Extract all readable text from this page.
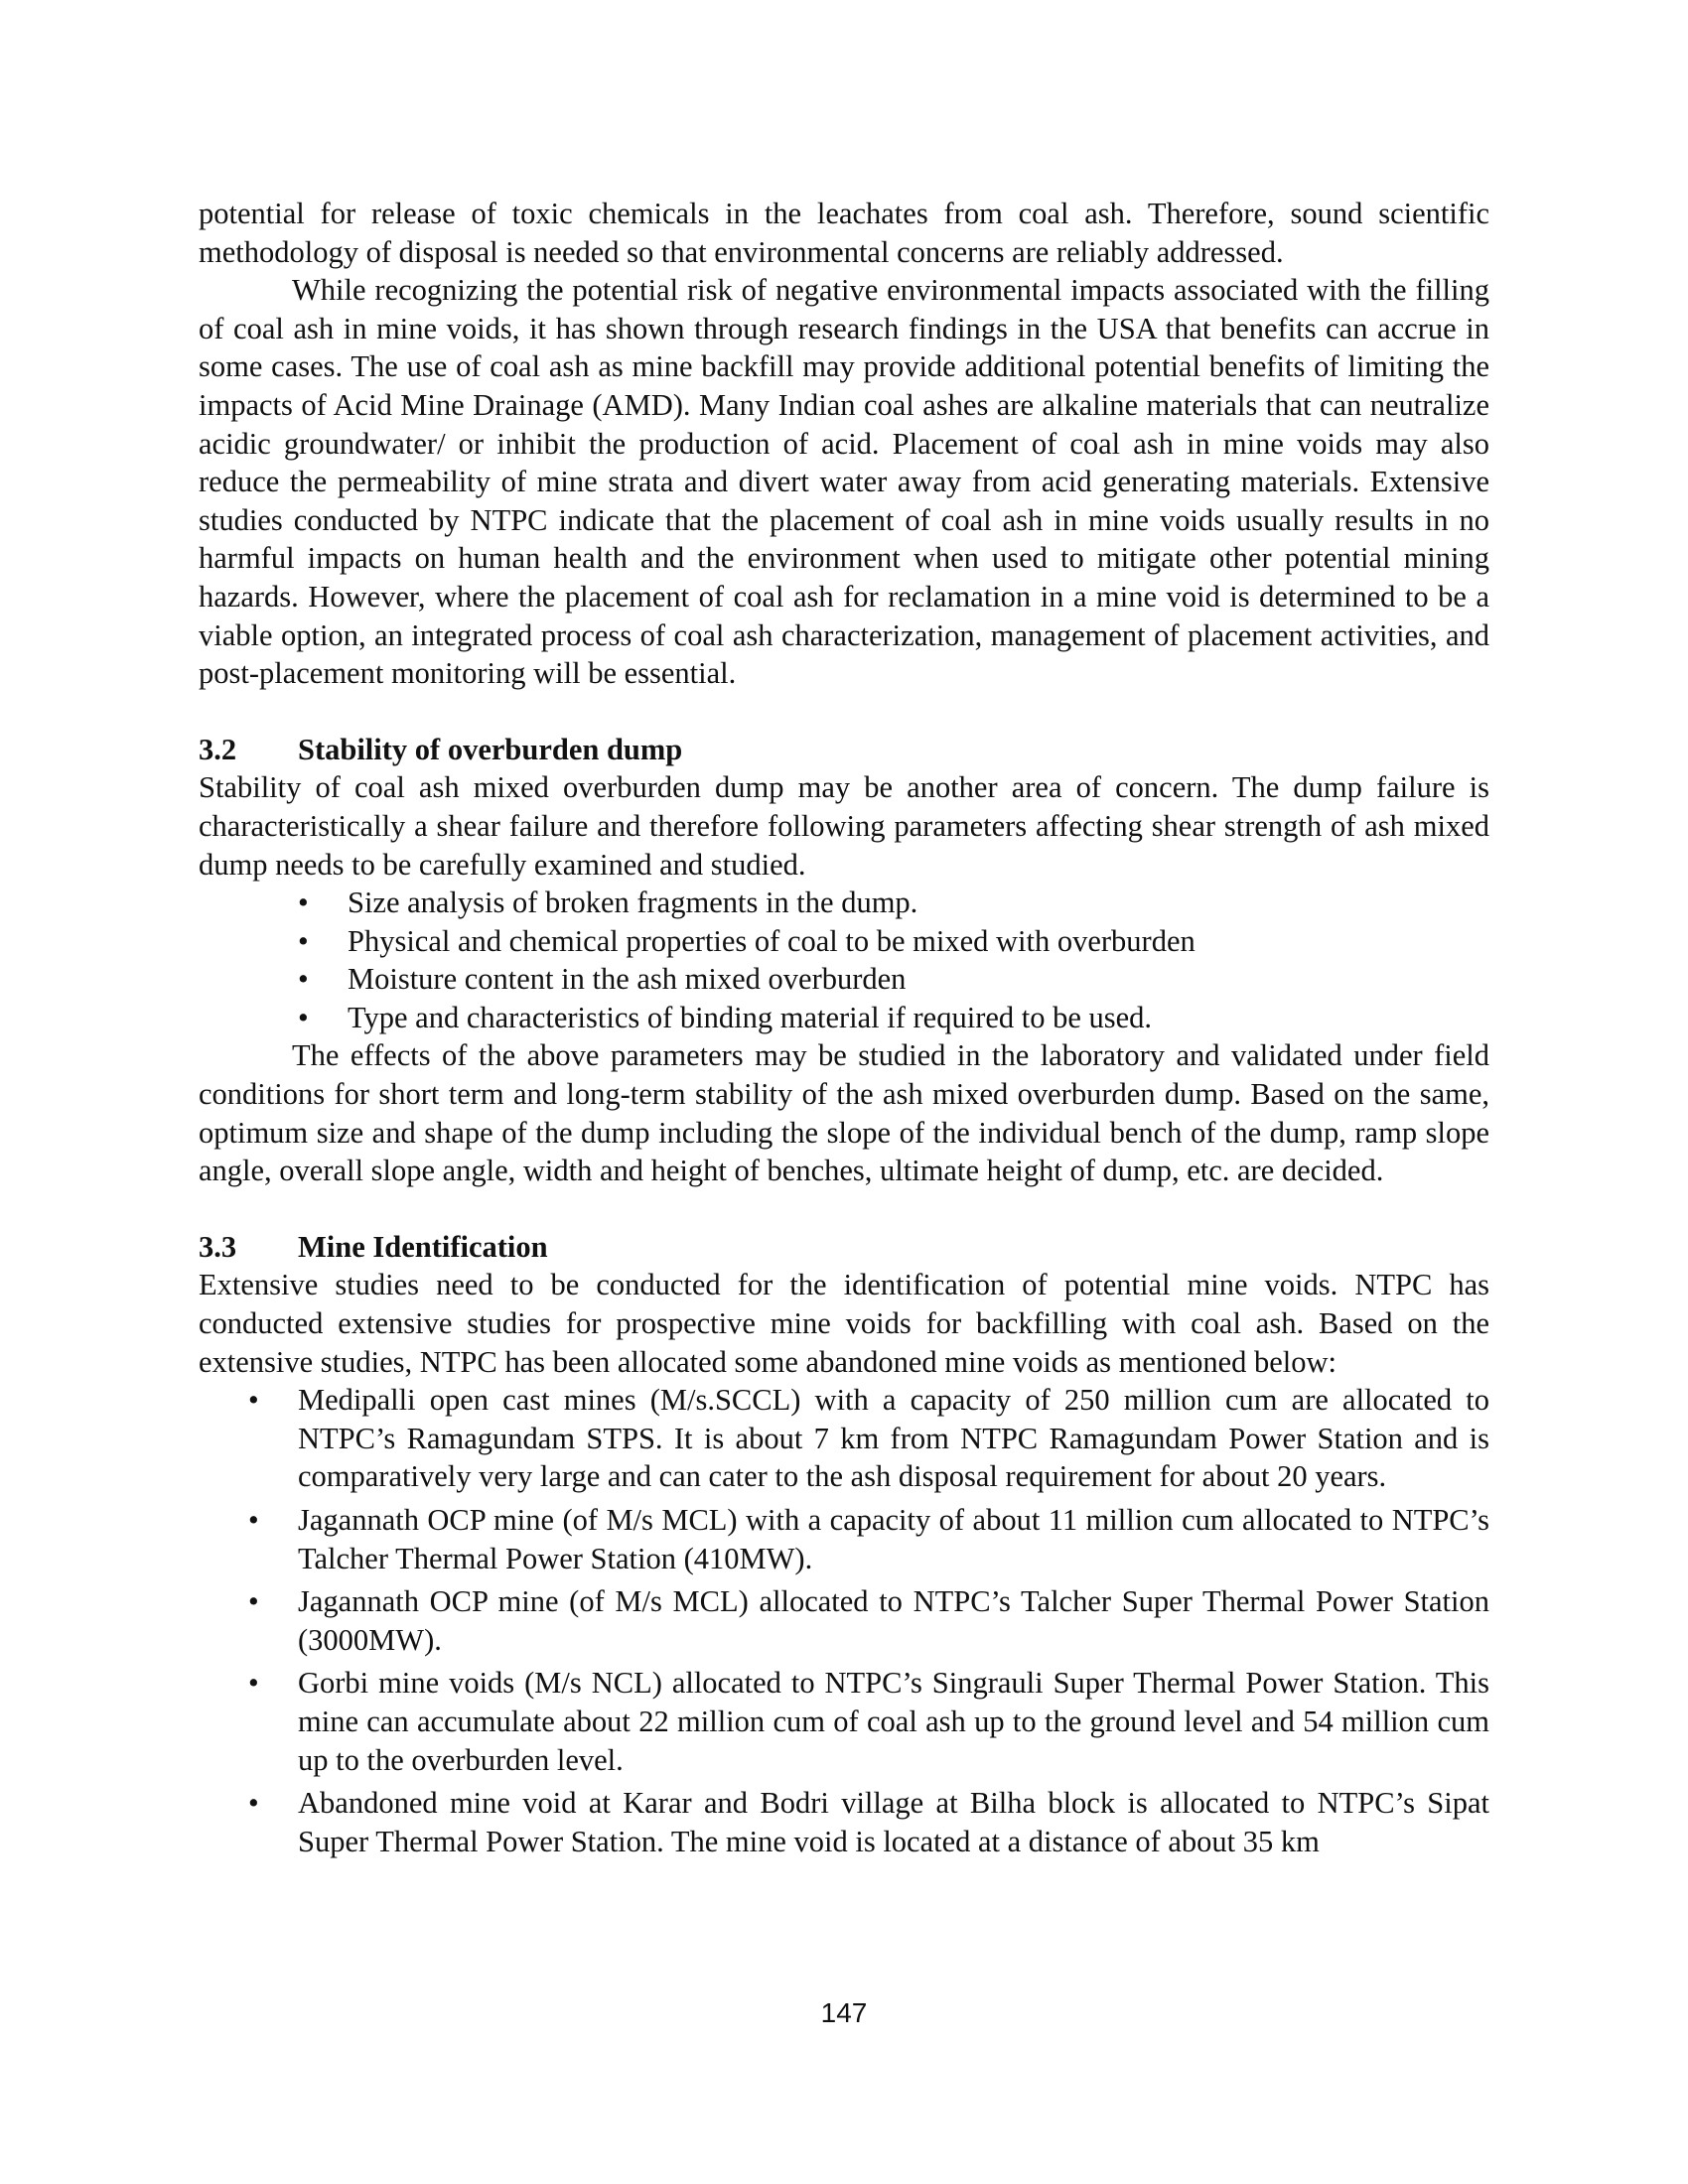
potential for release of toxic chemicals in the leachates from coal ash. Therefore, sound scientific methodology of disposal is needed so that environmental concerns are reliably addressed.

While recognizing the potential risk of negative environmental impacts associated with the filling of coal ash in mine voids, it has shown through research findings in the USA that benefits can accrue in some cases. The use of coal ash as mine backfill may provide additional potential benefits of limiting the impacts of Acid Mine Drainage (AMD). Many Indian coal ashes are alkaline materials that can neutralize acidic groundwater/ or inhibit the production of acid. Placement of coal ash in mine voids may also reduce the permeability of mine strata and divert water away from acid generating materials. Extensive studies conducted by NTPC indicate that the placement of coal ash in mine voids usually results in no harmful impacts on human health and the environment when used to mitigate other potential mining hazards. However, where the placement of coal ash for reclamation in a mine void is determined to be a viable option, an integrated process of coal ash characterization, management of placement activities, and post-placement monitoring will be essential.

3.2 Stability of overburden dump

Stability of coal ash mixed overburden dump may be another area of concern. The dump failure is characteristically a shear failure and therefore following parameters affecting shear strength of ash mixed dump needs to be carefully examined and studied.

• Size analysis of broken fragments in the dump.
• Physical and chemical properties of coal to be mixed with overburden
• Moisture content in the ash mixed overburden
• Type and characteristics of binding material if required to be used.

The effects of the above parameters may be studied in the laboratory and validated under field conditions for short term and long-term stability of the ash mixed overburden dump. Based on the same, optimum size and shape of the dump including the slope of the individual bench of the dump, ramp slope angle, overall slope angle, width and height of benches, ultimate height of dump, etc. are decided.

3.3 Mine Identification

Extensive studies need to be conducted for the identification of potential mine voids. NTPC has conducted extensive studies for prospective mine voids for backfilling with coal ash. Based on the extensive studies, NTPC has been allocated some abandoned mine voids as mentioned below:

• Medipalli open cast mines (M/s.SCCL) with a capacity of 250 million cum are allocated to NTPC’s Ramagundam STPS. It is about 7 km from NTPC Ramagundam Power Station and is comparatively very large and can cater to the ash disposal requirement for about 20 years.
• Jagannath OCP mine (of M/s MCL) with a capacity of about 11 million cum allocated to NTPC’s Talcher Thermal Power Station (410MW).
• Jagannath OCP mine (of M/s MCL) allocated to NTPC’s Talcher Super Thermal Power Station (3000MW).
• Gorbi mine voids (M/s NCL) allocated to NTPC’s Singrauli Super Thermal Power Station. This mine can accumulate about 22 million cum of coal ash up to the ground level and 54 million cum up to the overburden level.
• Abandoned mine void at Karar and Bodri village at Bilha block is allocated to NTPC’s Sipat Super Thermal Power Station. The mine void is located at a distance of about 35 km
147
